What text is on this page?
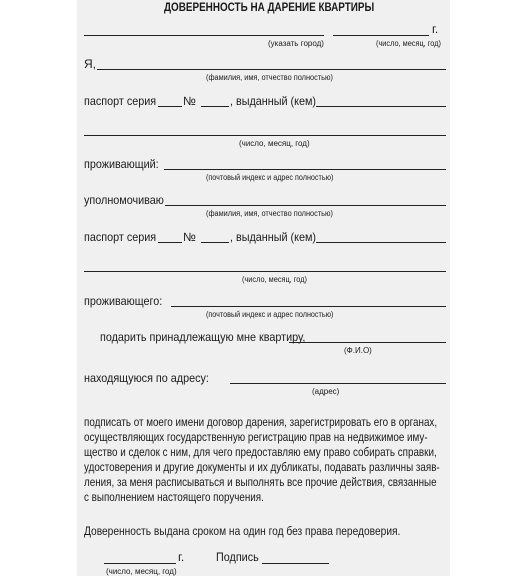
ДОВЕРЕННОСТЬ НА ДАРЕНИЕ КВАРТИРЫ
г.
(указать город)	(число, месяц, год)
Я,
(фамилия, имя, отчество полностью)
паспорт серия №	, выданный (кем)
(число, месяц, год)
проживающий:
(почтовый индекс и адрес полностью)
уполномочиваю
(фамилия, имя, отчество полностью)
паспорт серия №	, выданный (кем)
(число, месяц, год)
проживающего:
(почтовый индекс и адрес полностью)
подарить принадлежащую мне квартиру,
(Ф.И.О)
находящуюся по адресу:
(адрес)
подписать от моего имени договор дарения, зарегистрировать его в органах,
осуществляющих государственную регистрацию прав на недвижимое иму-
щество и сделок с ним, для чего предоставляю ему право собирать справки,
удостоверения и другие документы и их дубликаты, подавать различны заяв-
ления, за меня расписываться и выполнять все прочие действия, связанные
с выполнением настоящего поручения.
Доверенность выдана сроком на один год без права передоверия.
г.	Подпись
(число, месяц, год)
